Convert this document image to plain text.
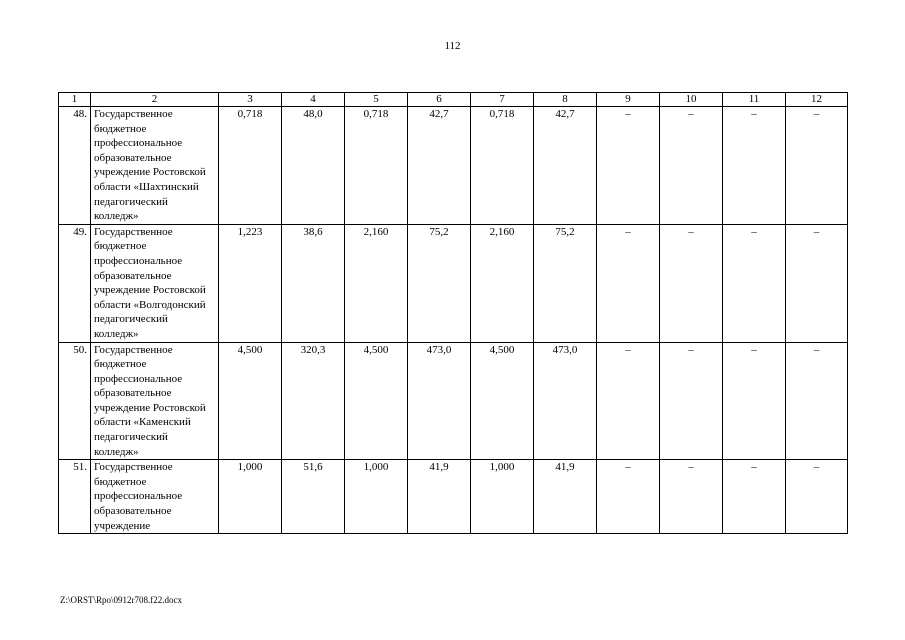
112
1	2	3	4	5	6	7	8	9	10	11	12
48.	Государственное бюджетное профессиональное образовательное учреждение Ростовской области «Шахтинский педагогический колледж»	0,718	48,0	0,718	42,7	0,718	42,7	–	–	–	–
49.	Государственное бюджетное профессиональное образовательное учреждение Ростовской области «Волгодонский педагогический колледж»	1,223	38,6	2,160	75,2	2,160	75,2	–	–	–	–
50.	Государственное бюджетное профессиональное образовательное учреждение Ростовской области «Каменский педагогический колледж»	4,500	320,3	4,500	473,0	4,500	473,0	–	–	–	–
51.	Государственное бюджетное профессиональное образовательное учреждение	1,000	51,6	1,000	41,9	1,000	41,9	–	–	–	–
Z:\ORST\Rpo\0912r708.f22.docx
